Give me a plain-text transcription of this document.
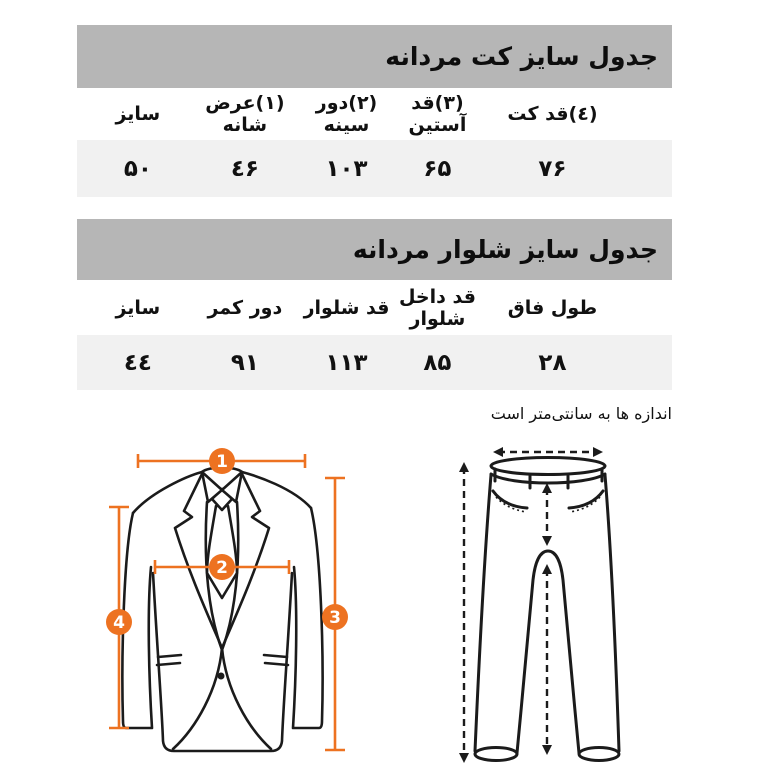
جدول سایز کت مردانه
(٤)قد کت
(٣)قد آستین
(٢)دور سینه
(١)عرض شانه
سایز
۷۶
۶۵
۱۰۳
٤۶
۵۰
جدول سایز شلوار مردانه
طول فاق
قد داخل شلوار
قد شلوار
دور کمر
سایز
۲۸
۸۵
۱۱۳
۹۱
٤٤
اندازه ها به سانتی‌متر است
1
2
3
4
